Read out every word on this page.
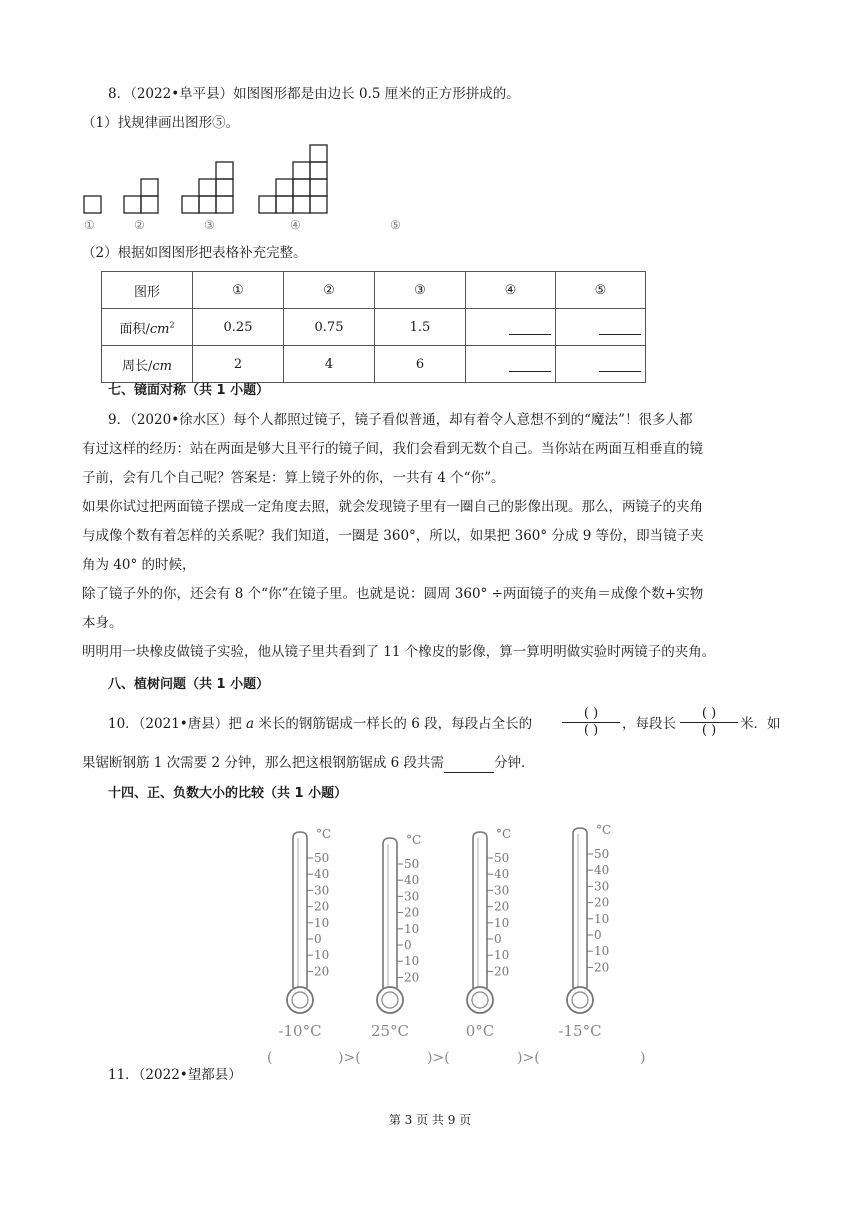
8．（2022•阜平县）如图图形都是由边长 0.5 厘米的正方形拼成的。
（1）找规律画出图形⑤。
①	②	③	④	⑤
（2）根据如图图形把表格补充完整。
图形	①	②	③	④	⑤
面积$/cm^2$	0.25	0.75	1.5		
周长/cm	2	4	6		
七、镜面对称（共 1 小题）
9．（2020•徐水区）每个人都照过镜子，镜子看似普通，却有着令人意想不到的“魔法”！很多人都
有过这样的经历：站在两面是够大且平行的镜子间，我们会看到无数个自己。当你站在两面互相垂直的镜
子前，会有几个自己呢？答案是：算上镜子外的你，一共有 4 个“你”。
如果你试过把两面镜子摆成一定角度去照，就会发现镜子里有一圈自己的影像出现。那么，两镜子的夹角
与成像个数有着怎样的关系呢？我们知道，一圈是 360°，所以，如果把 360° 分成 9 等份，即当镜子夹
角为 40° 的时候，
除了镜子外的你，还会有 8 个“你”在镜子里。也就是说：圆周 360° ÷两面镜子的夹角＝成像个数+实物
本身。
明明用一块橡皮做镜子实验，他从镜子里共看到了 11 个橡皮的影像，算一算明明做实验时两镜子的夹角。
八、植树问题（共 1 小题）
10．（2021•唐县）把 a 米长的钢筋锯成一样长的 6 段，每段占全长的
( )
( )	，每段长
( )
( )	米．如
果锯断钢筋 1 次需要 2 分钟，那么把这根钢筋锯成 6 段共需	分钟．
十四、正、负数大小的比较（共 1 小题）
°C
50
40
30
20
10
0
10
20
-10°C
°C
50
40
30
20
10
0
10
20
25°C
°C
50
40
30
20
10
0
10
20
0°C
°C
50
40
30
20
10
0
10
20
-15°C
(	)>(	)>(	)>(	)
11．（2022•望都县）
第 3 页 共 9 页
